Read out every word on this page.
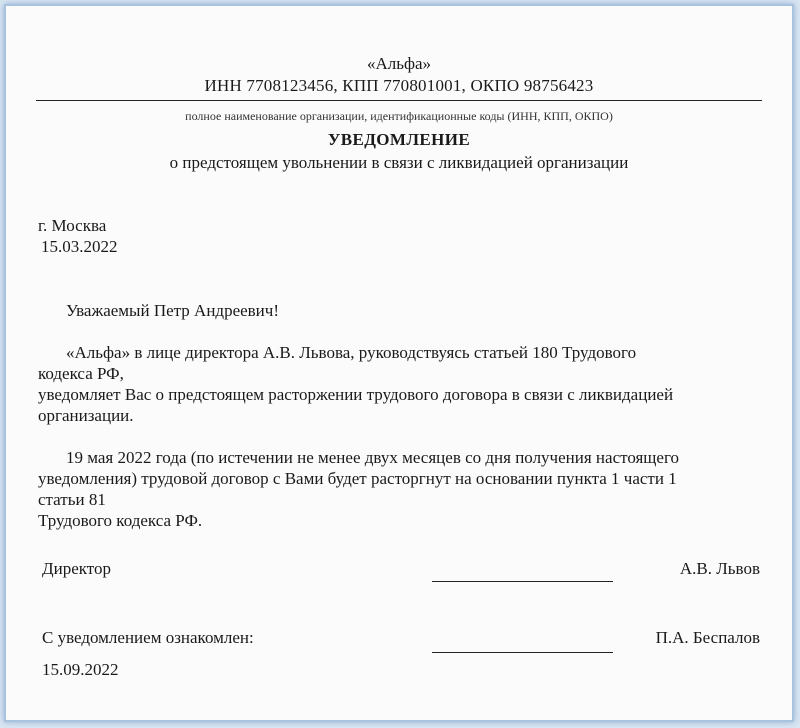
«Альфа»
ИНН 7708123456, КПП 770801001, ОКПО 98756423
полное наименование организации, идентификационные коды (ИНН, КПП, ОКПО)
УВЕДОМЛЕНИЕ
о предстоящем увольнении в связи с ликвидацией организации
г. Москва
15.03.2022
Уважаемый Петр Андреевич!
«Альфа» в лице директора А.В. Львова, руководствуясь статьей 180 Трудового
кодекса РФ,
уведомляет Вас о предстоящем расторжении трудового договора в связи с ликвидацией
организации.
19 мая 2022 года (по истечении не менее двух месяцев со дня получения настоящего
уведомления) трудовой договор с Вами будет расторгнут на основании пункта 1 части 1
статьи 81
Трудового кодекса РФ.
Директор	А.В. Львов
С уведомлением ознакомлен:	П.А. Беспалов
15.09.2022
